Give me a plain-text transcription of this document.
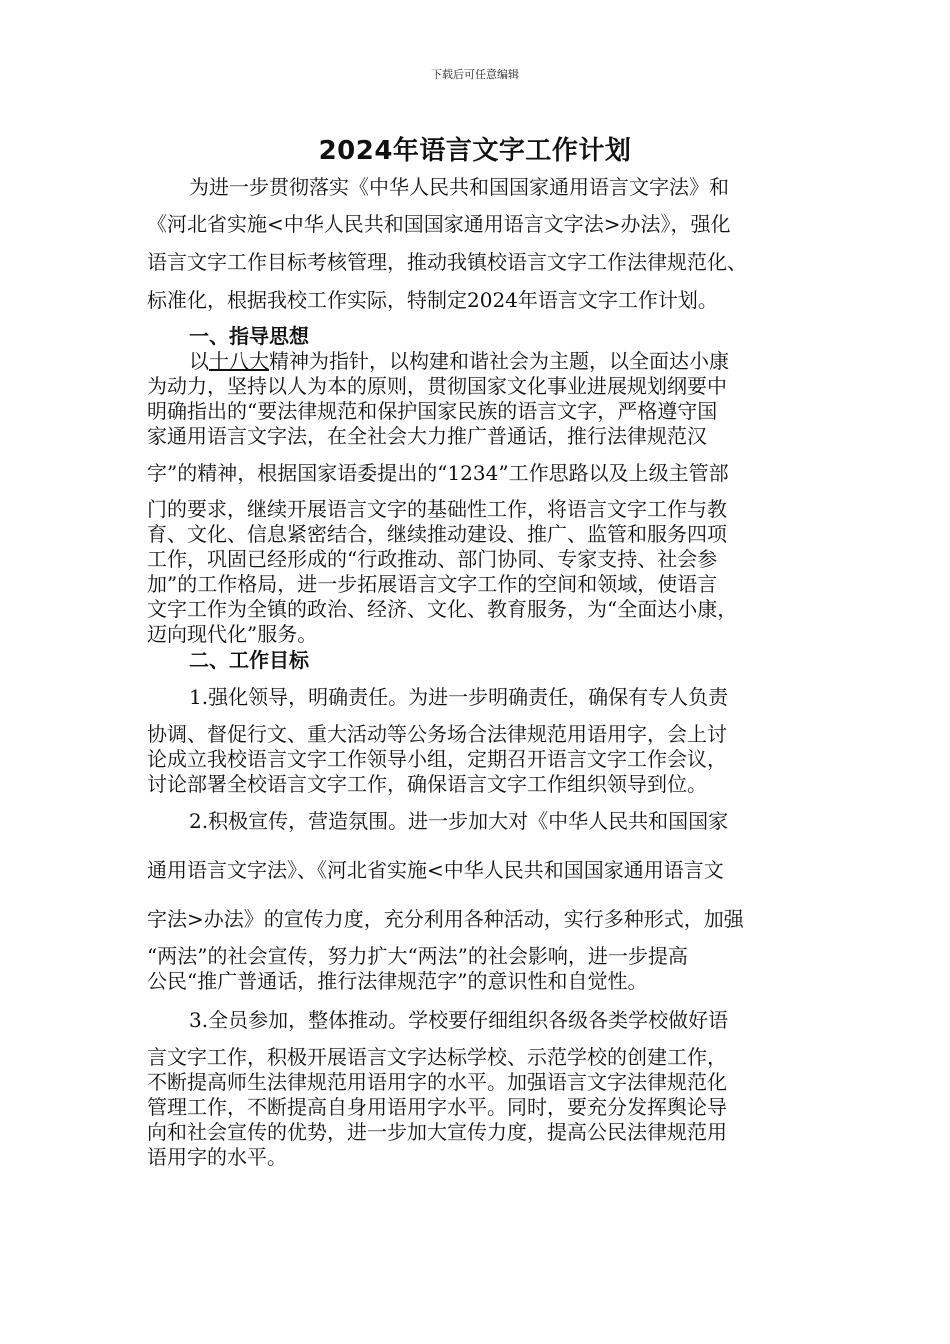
下载后可任意编辑
2024年语言文字工作计划
为进一步贯彻落实《中华人民共和国国家通用语言文字法》和
《河北省实施<中华人民共和国国家通用语言文字法>办法》，强化
语言文字工作目标考核管理，推动我镇校语言文字工作法律规范化、
标准化，根据我校工作实际，特制定2024年语言文字工作计划。
一、指导思想
以十八大精神为指针，以构建和谐社会为主题，以全面达小康
为动力，坚持以人为本的原则，贯彻国家文化事业进展规划纲要中
明确指出的“要法律规范和保护国家民族的语言文字，严格遵守国
家通用语言文字法，在全社会大力推广普通话，推行法律规范汉
字”的精神，根据国家语委提出的“1234”工作思路以及上级主管部
门的要求，继续开展语言文字的基础性工作，将语言文字工作与教
育、文化、信息紧密结合，继续推动建设、推广、监管和服务四项
工作，巩固已经形成的“行政推动、部门协同、专家支持、社会参
加”的工作格局，进一步拓展语言文字工作的空间和领域，使语言
文字工作为全镇的政治、经济、文化、教育服务，为“全面达小康，
迈向现代化”服务。
二、工作目标
1.强化领导，明确责任。为进一步明确责任，确保有专人负责
协调、督促行文、重大活动等公务场合法律规范用语用字，会上讨
论成立我校语言文字工作领导小组，定期召开语言文字工作会议，
讨论部署全校语言文字工作，确保语言文字工作组织领导到位。
2.积极宣传，营造氛围。进一步加大对《中华人民共和国国家
通用语言文字法》、《河北省实施<中华人民共和国国家通用语言文
字法>办法》的宣传力度，充分利用各种活动，实行多种形式，加强
“两法”的社会宣传，努力扩大“两法”的社会影响，进一步提高
公民“推广普通话，推行法律规范字”的意识性和自觉性。
3.全员参加，整体推动。学校要仔细组织各级各类学校做好语
言文字工作，积极开展语言文字达标学校、示范学校的创建工作，
不断提高师生法律规范用语用字的水平。加强语言文字法律规范化
管理工作，不断提高自身用语用字水平。同时，要充分发挥舆论导
向和社会宣传的优势，进一步加大宣传力度，提高公民法律规范用
语用字的水平。
